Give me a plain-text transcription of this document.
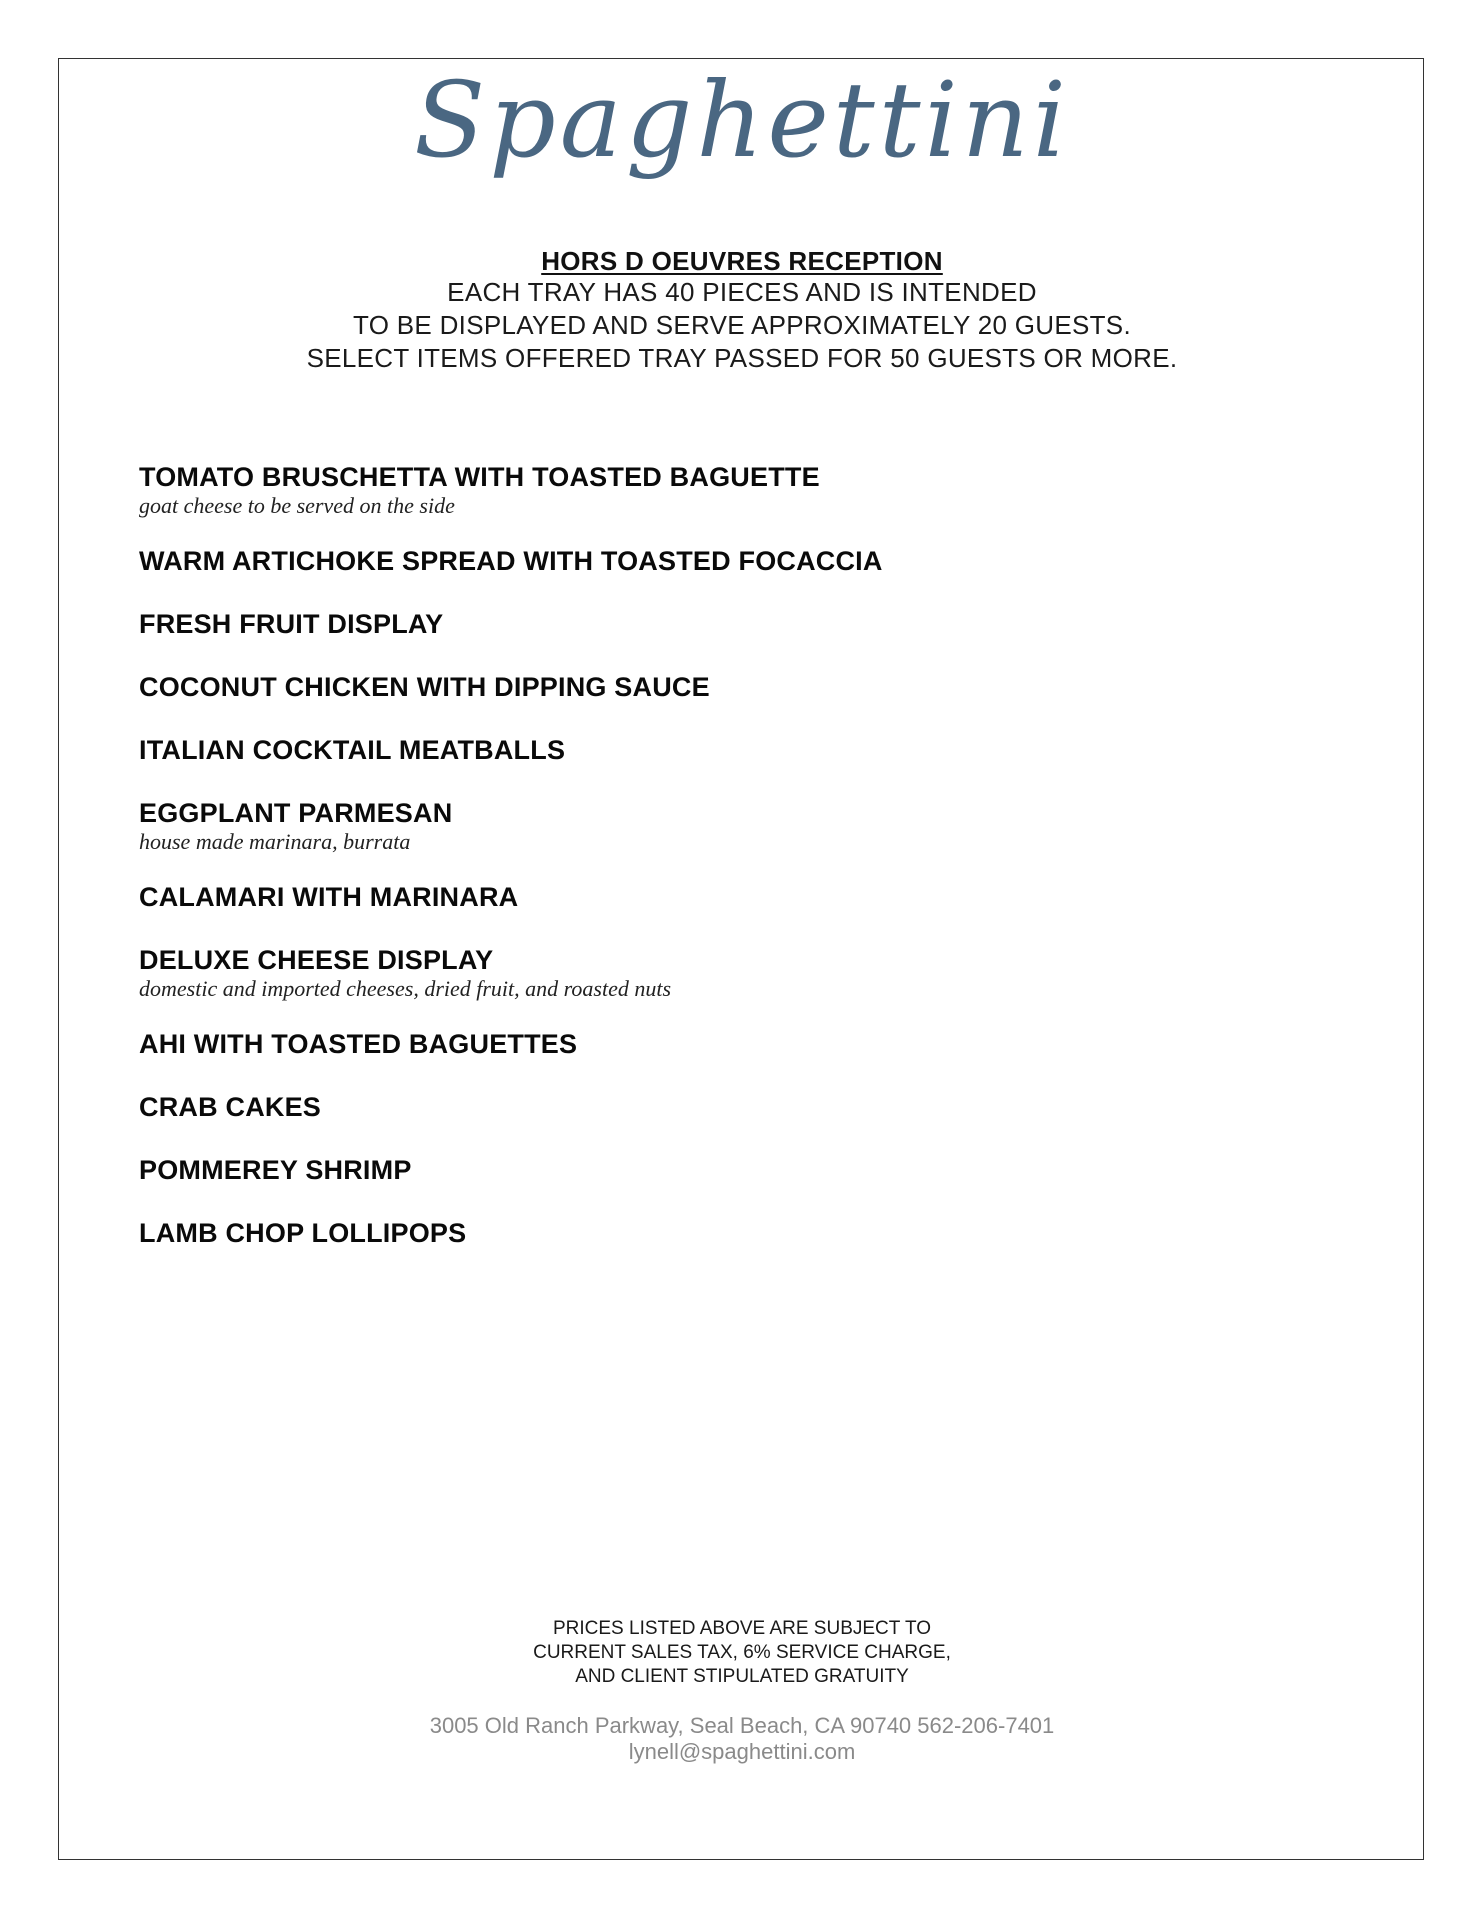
Spaghettini
HORS D OEUVRES RECEPTION
EACH TRAY HAS 40 PIECES AND IS INTENDED
TO BE DISPLAYED AND SERVE APPROXIMATELY 20 GUESTS.
SELECT ITEMS OFFERED TRAY PASSED FOR 50 GUESTS OR MORE.
TOMATO BRUSCHETTA WITH TOASTED BAGUETTE
goat cheese to be served on the side
WARM ARTICHOKE SPREAD WITH TOASTED FOCACCIA
FRESH FRUIT DISPLAY
COCONUT CHICKEN WITH DIPPING SAUCE
ITALIAN COCKTAIL MEATBALLS
EGGPLANT PARMESAN
house made marinara, burrata
CALAMARI WITH MARINARA
DELUXE CHEESE DISPLAY
domestic and imported cheeses, dried fruit, and roasted nuts
AHI WITH TOASTED BAGUETTES
CRAB CAKES
POMMEREY SHRIMP
LAMB CHOP LOLLIPOPS
PRICES LISTED ABOVE ARE SUBJECT TO
CURRENT SALES TAX, 6% SERVICE CHARGE,
AND CLIENT STIPULATED GRATUITY
3005 Old Ranch Parkway, Seal Beach, CA 90740 562-206-7401
lynell@spaghettini.com
